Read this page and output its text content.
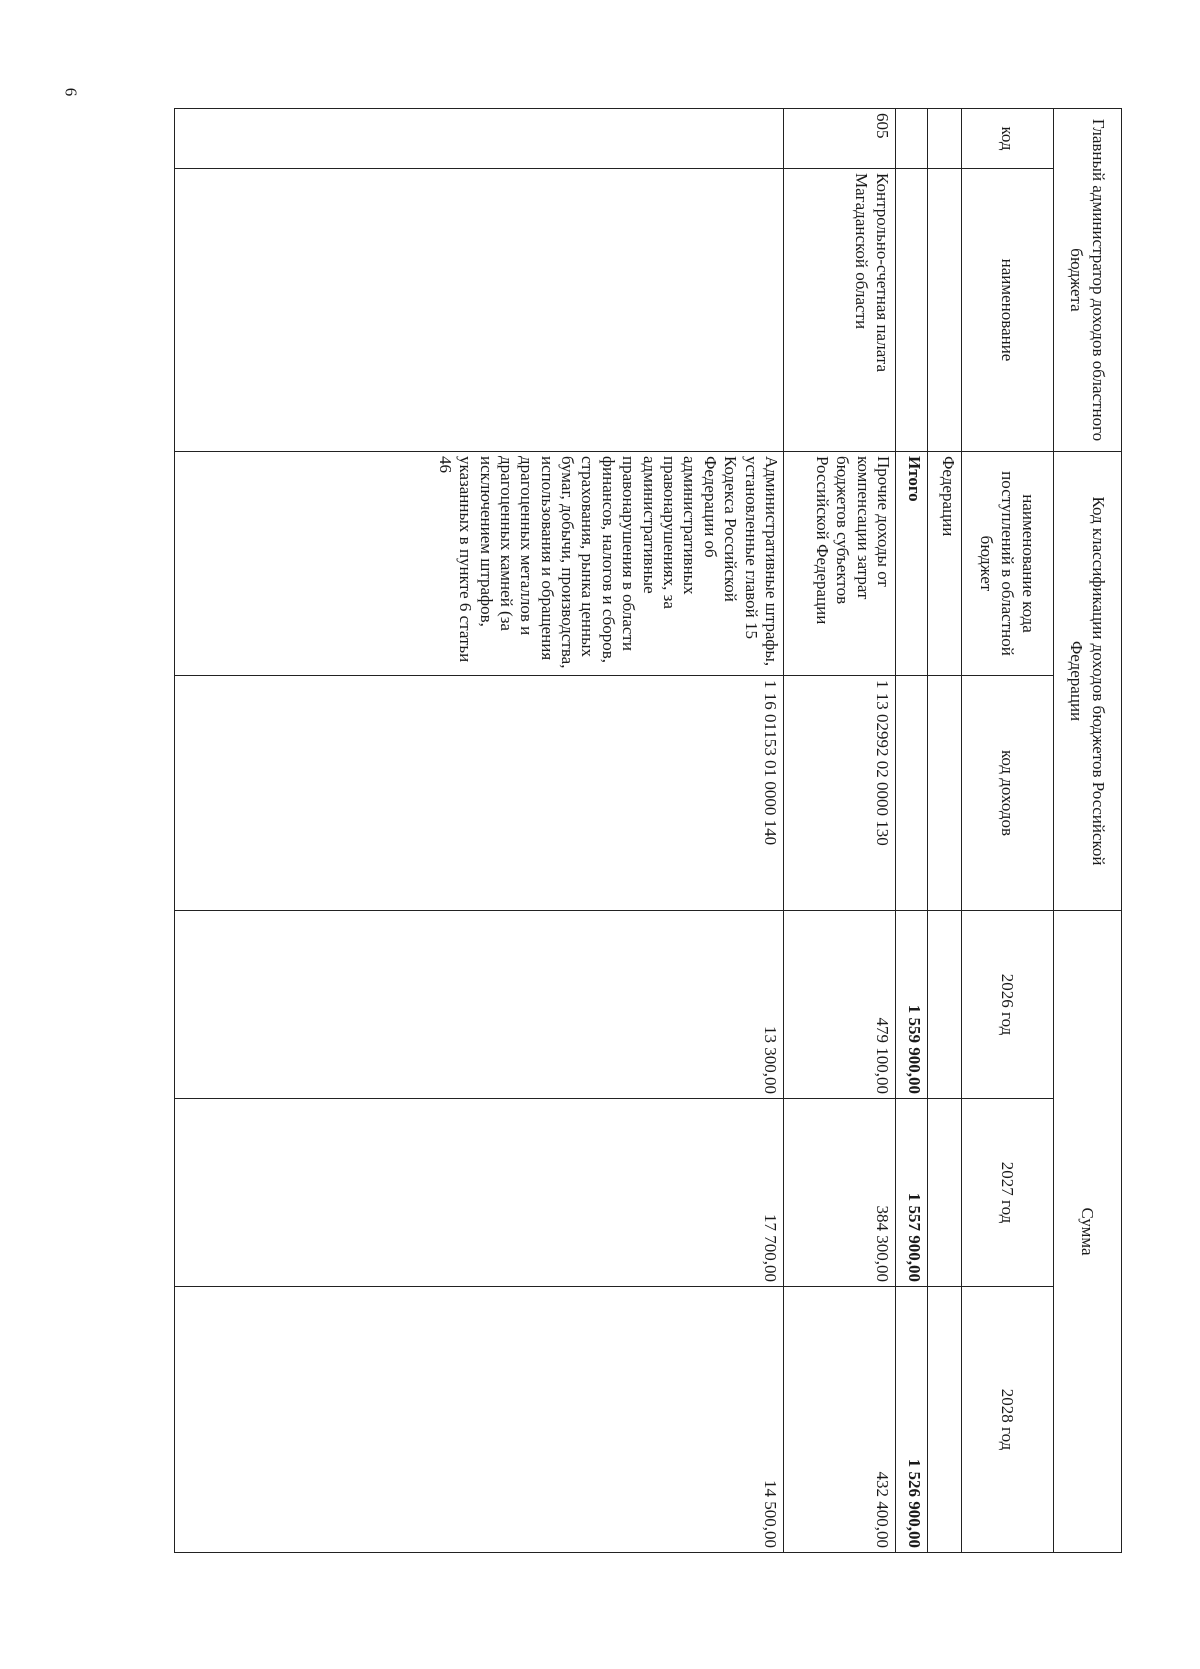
6
Главный администратор доходов областного бюджета		Код классификации доходов бюджетов Российской Федерации		Сумма		
код	наименование	наименование кода поступлений в областной бюджет	код доходов	2026 год	2027 год	2028 год
		Федерации				
		Итого		1 559 900,00	1 557 900,00	1 526 900,00
605	Контрольно-счетная палата Магаданской области	Прочие доходы от компенсации затрат бюджетов субъектов Российской Федерации	1 13 02992 02 0000 130	479 100,00	384 300,00	432 400,00
		Административные штрафы, установленные главой 15 Кодекса Российской Федерации об административных правонарушениях, за административные правонарушения в области финансов, налогов и сборов, страхования, рынка ценных бумаг, добычи, производства, использования и обращения драгоценных металлов и драгоценных камней (за исключением штрафов, указанных в пункте 6 статьи 46	1 16 01153 01 0000 140	13 300,00	17 700,00	14 500,00
